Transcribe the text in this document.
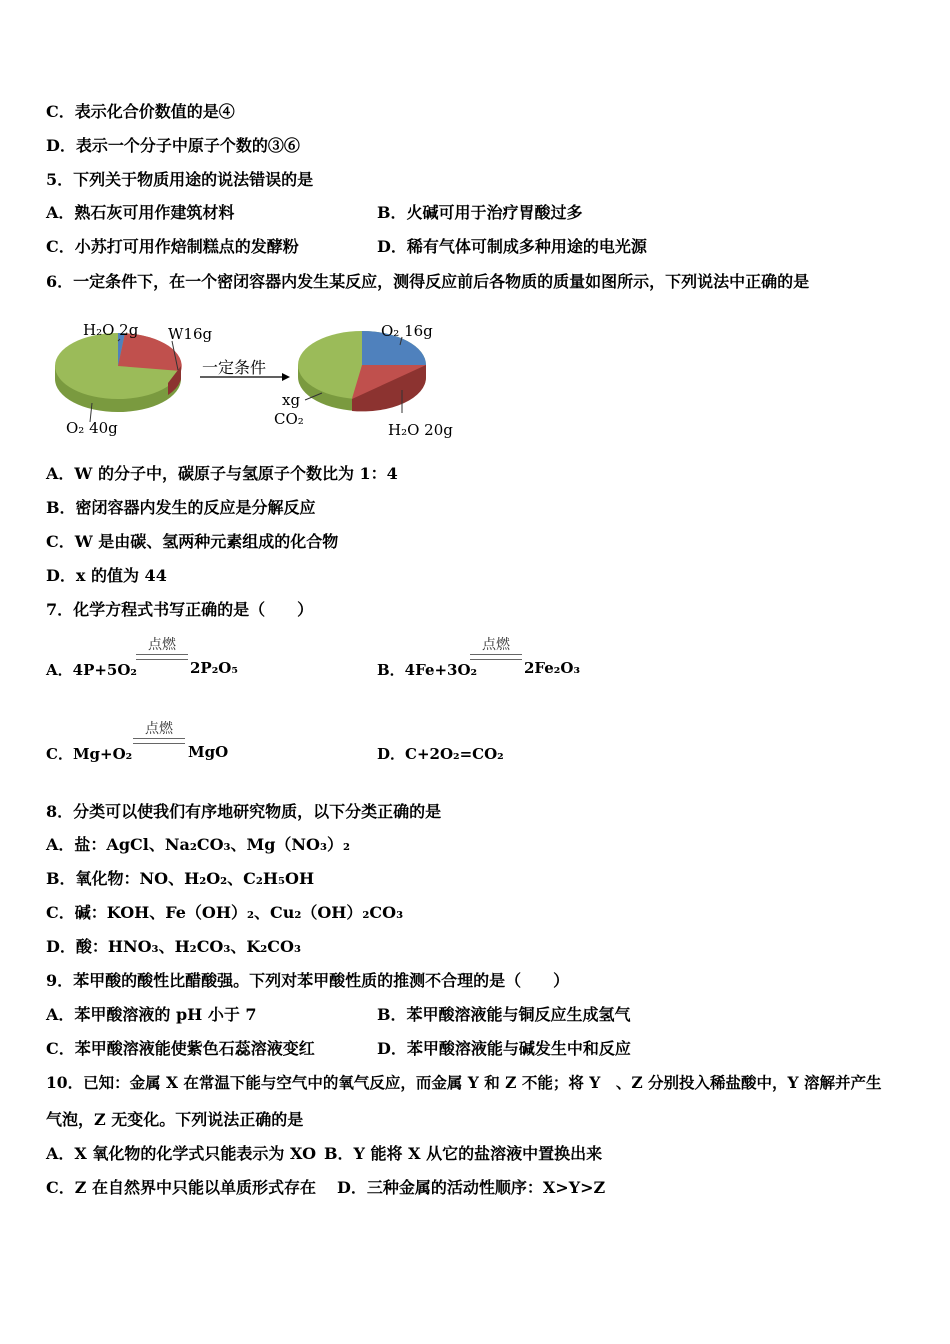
C．表示化合价数值的是④
D．表示一个分子中原子个数的③⑥
5．下列关于物质用途的说法错误的是
A．熟石灰可用作建筑材料	B．火碱可用于治疗胃酸过多
C．小苏打可用作焙制糕点的发酵粉	D．稀有气体可制成多种用途的电光源
6．一定条件下，在一个密闭容器内发生某反应，测得反应前后各物质的质量如图所示，下列说法中正确的是
H₂O 2g W16g
O₂ 40g
一定条件
O₂ 16g
xg
CO₂
H₂O 20g
A．W 的分子中，碳原子与氢原子个数比为 1：4
B．密闭容器内发生的反应是分解反应
C．W 是由碳、氢两种元素组成的化合物
D．x 的值为 44
7．化学方程式书写正确的是（　　）
A．4P+5O₂
点燃
2P₂O₅	B．4Fe+3O₂
点燃
2Fe₂O₃
C．Mg+O₂
点燃
MgO	D．C+2O₂=CO₂
8．分类可以使我们有序地研究物质，以下分类正确的是
A．盐：AgCl、Na₂CO₃、Mg（NO₃）₂
B．氧化物：NO、H₂O₂、C₂H₅OH
C．碱：KOH、Fe（OH）₂、Cu₂（OH）₂CO₃
D．酸：HNO₃、H₂CO₃、K₂CO₃
9．苯甲酸的酸性比醋酸强。下列对苯甲酸性质的推测不合理的是（　　）
A．苯甲酸溶液的 pH 小于 7	B．苯甲酸溶液能与铜反应生成氢气
C．苯甲酸溶液能使紫色石蕊溶液变红	D．苯甲酸溶液能与碱发生中和反应
10．已知：金属 X 在常温下能与空气中的氧气反应，而金属 Y 和 Z 不能；将 Y　、Z 分别投入稀盐酸中，Y 溶解并产生
气泡，Z 无变化。下列说法正确的是
A．X 氧化物的化学式只能表示为 XO B．Y 能将 X 从它的盐溶液中置换出来
C．Z 在自然界中只能以单质形式存在 D．三种金属的活动性顺序：X>Y>Z
